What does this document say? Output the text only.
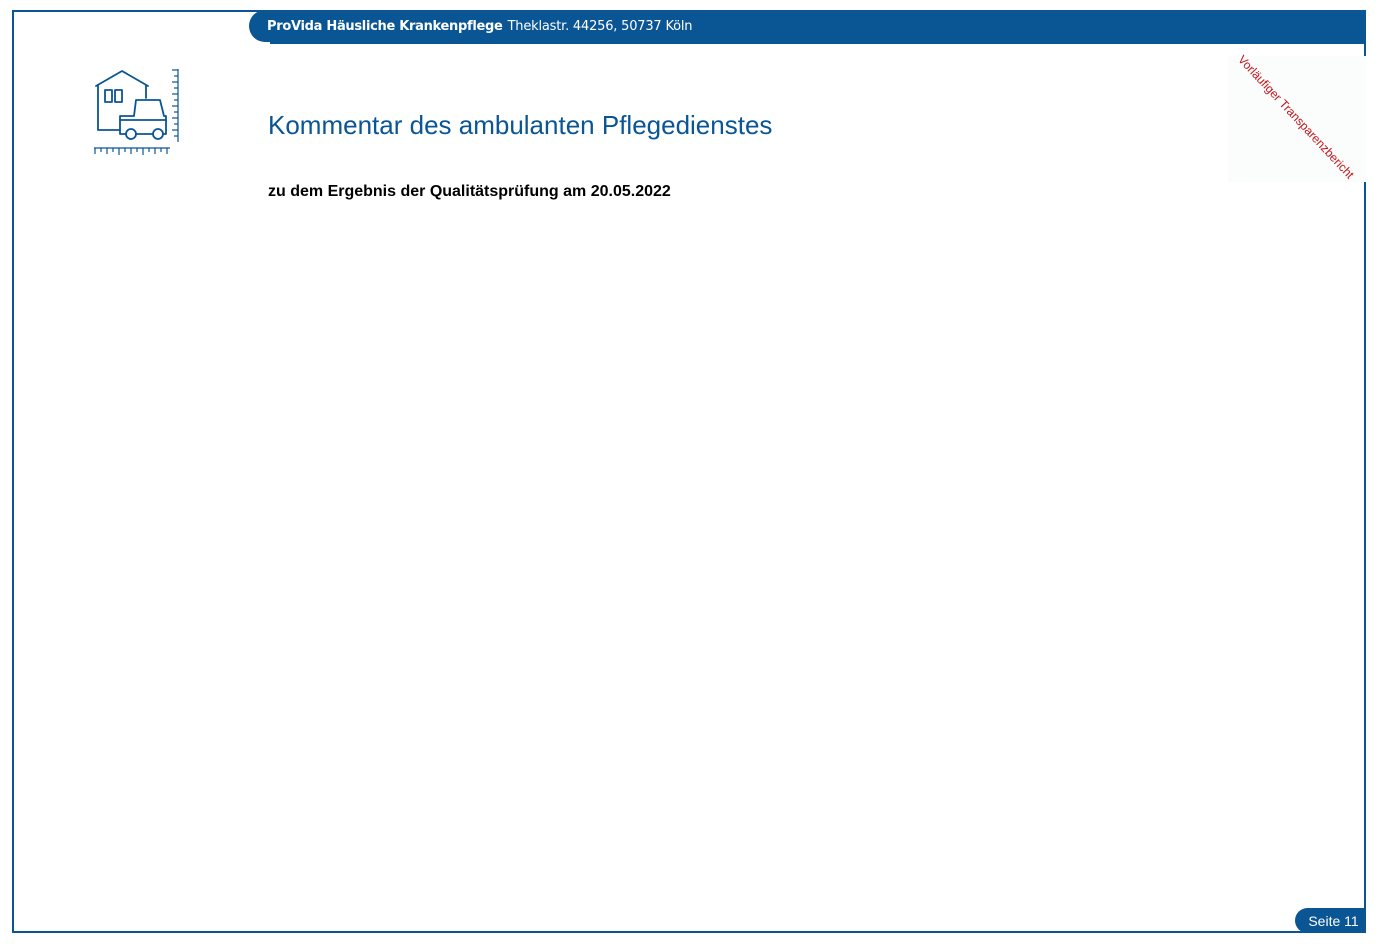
ProVida Häusliche Krankenpflege Theklastr. 44256, 50737 Köln
Vorläufiger Transparenzbericht
Kommentar des ambulanten Pflegedienstes

zu dem Ergebnis der Qualitätsprüfung am 20.05.2022

Seite 11
